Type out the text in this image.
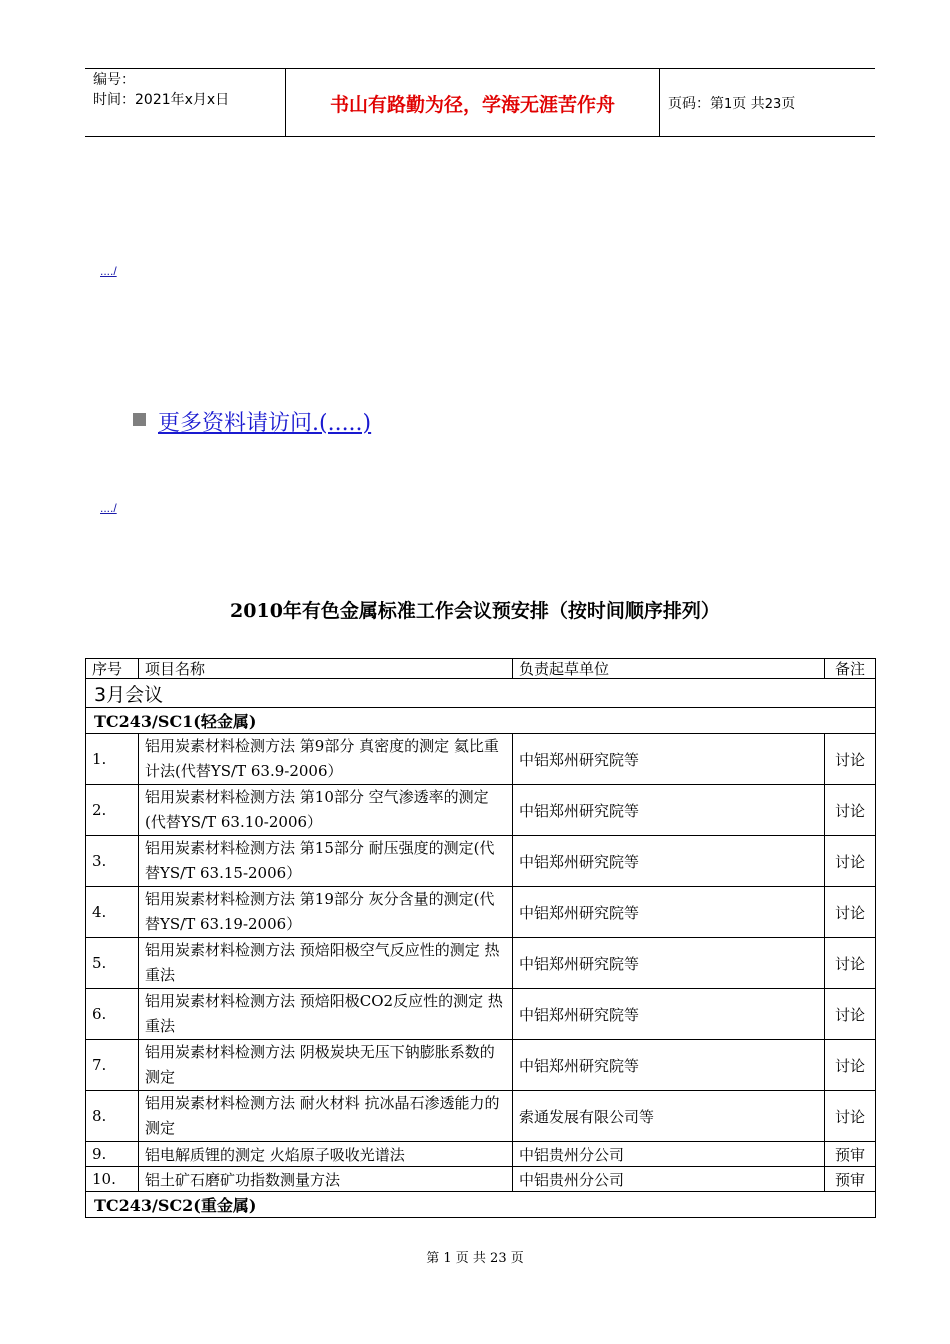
编号：
时间：2021年x月x日	书山有路勤为径，学海无涯苦作舟	页码：第1页 共23页
..../
更多资料请访问.(.....)
..../
2010年有色金属标准工作会议预安排（按时间顺序排列）
序号	项目名称	负责起草单位	备注
3月会议			
TC243/SC1(轻金属)			
1.	铝用炭素材料检测方法 第9部分 真密度的测定 氦比重计法(代替YS/T 63.9-2006）	中铝郑州研究院等	讨论
2.	铝用炭素材料检测方法 第10部分 空气渗透率的测定(代替YS/T 63.10-2006）	中铝郑州研究院等	讨论
3.	铝用炭素材料检测方法 第15部分 耐压强度的测定(代替YS/T 63.15-2006）	中铝郑州研究院等	讨论
4.	铝用炭素材料检测方法 第19部分 灰分含量的测定(代替YS/T 63.19-2006）	中铝郑州研究院等	讨论
5.	铝用炭素材料检测方法 预焙阳极空气反应性的测定 热重法	中铝郑州研究院等	讨论
6.	铝用炭素材料检测方法 预焙阳极CO2反应性的测定 热重法	中铝郑州研究院等	讨论
7.	铝用炭素材料检测方法 阴极炭块无压下钠膨胀系数的测定	中铝郑州研究院等	讨论
8.	铝用炭素材料检测方法 耐火材料 抗冰晶石渗透能力的测定	索通发展有限公司等	讨论
9.	铝电解质锂的测定 火焰原子吸收光谱法	中铝贵州分公司	预审
10.	铝土矿石磨矿功指数测量方法	中铝贵州分公司	预审
TC243/SC2(重金属)			
第 1 页 共 23 页
